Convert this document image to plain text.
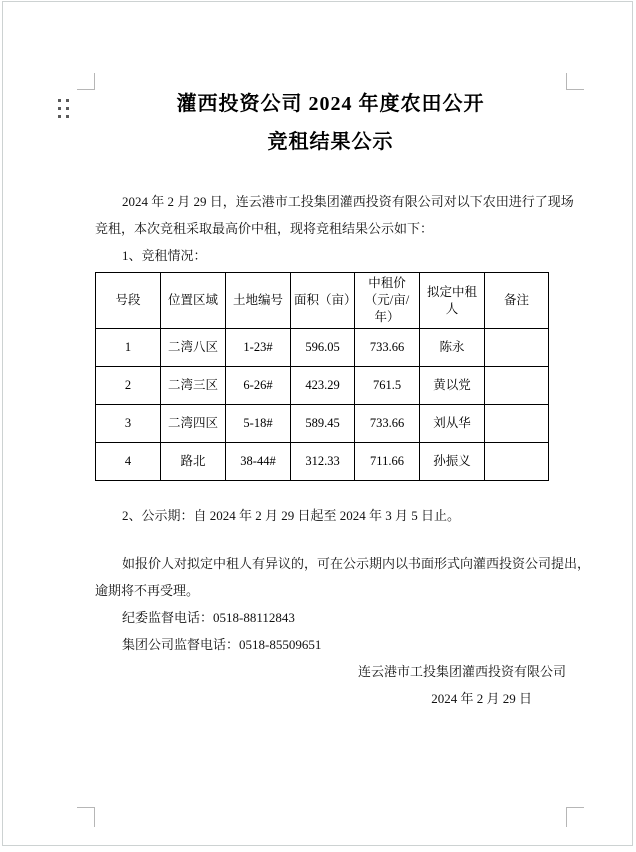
灌西投资公司 2024 年度农田公开
竞租结果公示
2024 年 2 月 29 日，连云港市工投集团灌西投资有限公司对以下农田进行了现场
竞租，本次竞租采取最高价中租，现将竞租结果公示如下：
1、竞租情况：
号段	位置区域	土地编号	面积（亩）	中租价（元/亩/年）	拟定中租人	备注
1	二湾八区	1-23#	596.05	733.66	陈永	
2	二湾三区	6-26#	423.29	761.5	黄以党	
3	二湾四区	5-18#	589.45	733.66	刘从华	
4	路北	38-44#	312.33	711.66	孙振义	
2、公示期：自 2024 年 2 月 29 日起至 2024 年 3 月 5 日止。
如报价人对拟定中租人有异议的，可在公示期内以书面形式向灌西投资公司提出，
逾期将不再受理。
纪委监督电话：0518-88112843
集团公司监督电话：0518-85509651
连云港市工投集团灌西投资有限公司
2024 年 2 月 29 日
